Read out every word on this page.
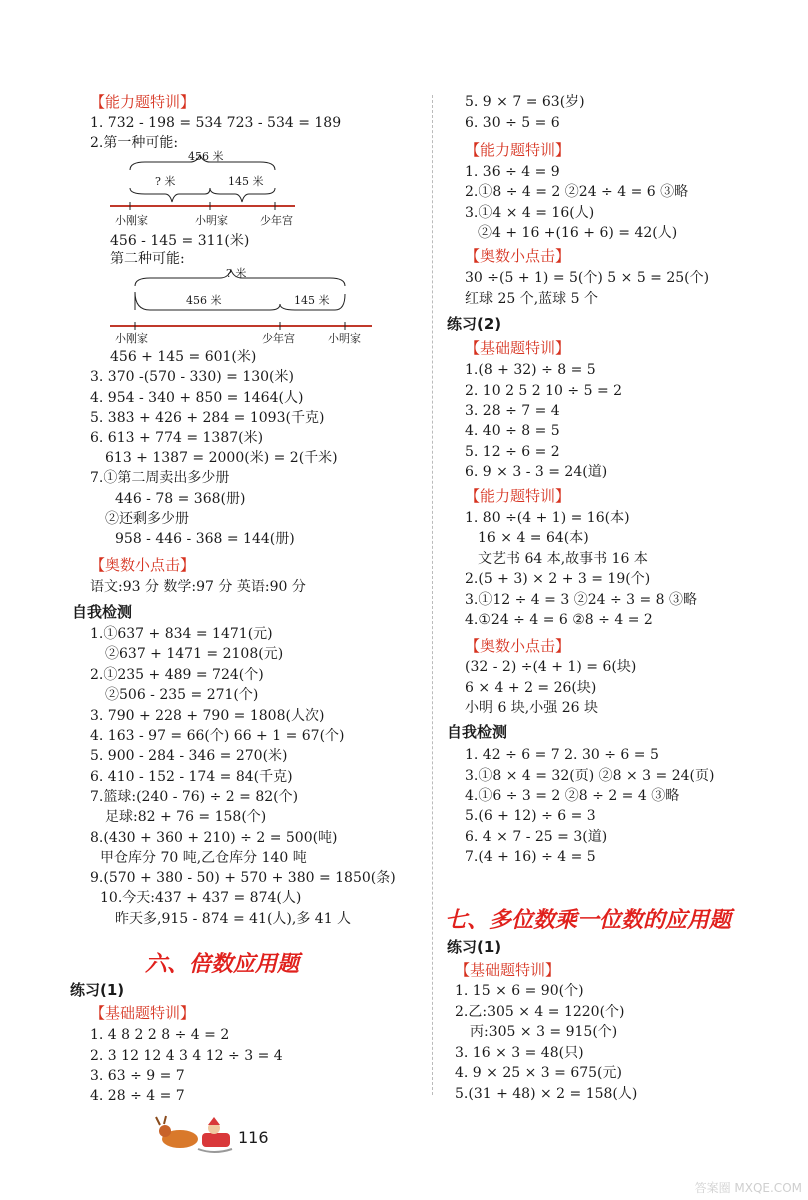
【能力题特训】
1. 732 - 198 = 534 723 - 534 = 189
2.第一种可能:
456 - 145 = 311(米)
第二种可能:
456 + 145 = 601(米)
3. 370 -(570 - 330) = 130(米)
4. 954 - 340 + 850 = 1464(人)
5. 383 + 426 + 284 = 1093(千克)
6. 613 + 774 = 1387(米)
613 + 1387 = 2000(米) = 2(千米)
7.①第二周卖出多少册
446 - 78 = 368(册)
②还剩多少册
958 - 446 - 368 = 144(册)
【奥数小点击】
语文:93 分 数学:97 分 英语:90 分
自我检测
1.①637 + 834 = 1471(元)
②637 + 1471 = 2108(元)
2.①235 + 489 = 724(个)
②506 - 235 = 271(个)
3. 790 + 228 + 790 = 1808(人次)
4. 163 - 97 = 66(个) 66 + 1 = 67(个)
5. 900 - 284 - 346 = 270(米)
6. 410 - 152 - 174 = 84(千克)
7.篮球:(240 - 76) ÷ 2 = 82(个)
足球:82 + 76 = 158(个)
8.(430 + 360 + 210) ÷ 2 = 500(吨)
甲仓库分 70 吨,乙仓库分 140 吨
9.(570 + 380 - 50) + 570 + 380 = 1850(条)
10.今天:437 + 437 = 874(人)
昨天多,915 - 874 = 41(人),多 41 人
六、倍数应用题
练习(1)
【基础题特训】
1. 4 8 2 2 8 ÷ 4 = 2
2. 3 12 12 4 3 4 12 ÷ 3 = 4
3. 63 ÷ 9 = 7
4. 28 ÷ 4 = 7
456 米
? 米	145 米
小刚家	小明家	少年宫
? 米
456 米	145 米
小刚家	少年宫	小明家
5. 9 × 7 = 63(岁)
6. 30 ÷ 5 = 6
【能力题特训】
1. 36 ÷ 4 = 9
2.①8 ÷ 4 = 2 ②24 ÷ 4 = 6 ③略
3.①4 × 4 = 16(人)
②4 + 16 +(16 + 6) = 42(人)
【奥数小点击】
30 ÷(5 + 1) = 5(个) 5 × 5 = 25(个)
红球 25 个,蓝球 5 个
练习(2)
【基础题特训】
1.(8 + 32) ÷ 8 = 5
2. 10 2 5 2 10 ÷ 5 = 2
3. 28 ÷ 7 = 4
4. 40 ÷ 8 = 5
5. 12 ÷ 6 = 2
6. 9 × 3 - 3 = 24(道)
【能力题特训】
1. 80 ÷(4 + 1) = 16(本)
16 × 4 = 64(本)
文艺书 64 本,故事书 16 本
2.(5 + 3) × 2 + 3 = 19(个)
3.①12 ÷ 4 = 3 ②24 ÷ 3 = 8 ③略
4.①24 ÷ 4 = 6 ②8 ÷ 4 = 2
【奥数小点击】
(32 - 2) ÷(4 + 1) = 6(块)
6 × 4 + 2 = 26(块)
小明 6 块,小强 26 块
自我检测
1. 42 ÷ 6 = 7 2. 30 ÷ 6 = 5
3.①8 × 4 = 32(页) ②8 × 3 = 24(页)
4.①6 ÷ 3 = 2 ②8 ÷ 2 = 4 ③略
5.(6 + 12) ÷ 6 = 3
6. 4 × 7 - 25 = 3(道)
7.(4 + 16) ÷ 4 = 5
七、多位数乘一位数的应用题
练习(1)
【基础题特训】
1. 15 × 6 = 90(个)
2.乙:305 × 4 = 1220(个)
丙:305 × 3 = 915(个)
3. 16 × 3 = 48(只)
4. 9 × 25 × 3 = 675(元)
5.(31 + 48) × 2 = 158(人)
116
答案圈 MXQE.COM
